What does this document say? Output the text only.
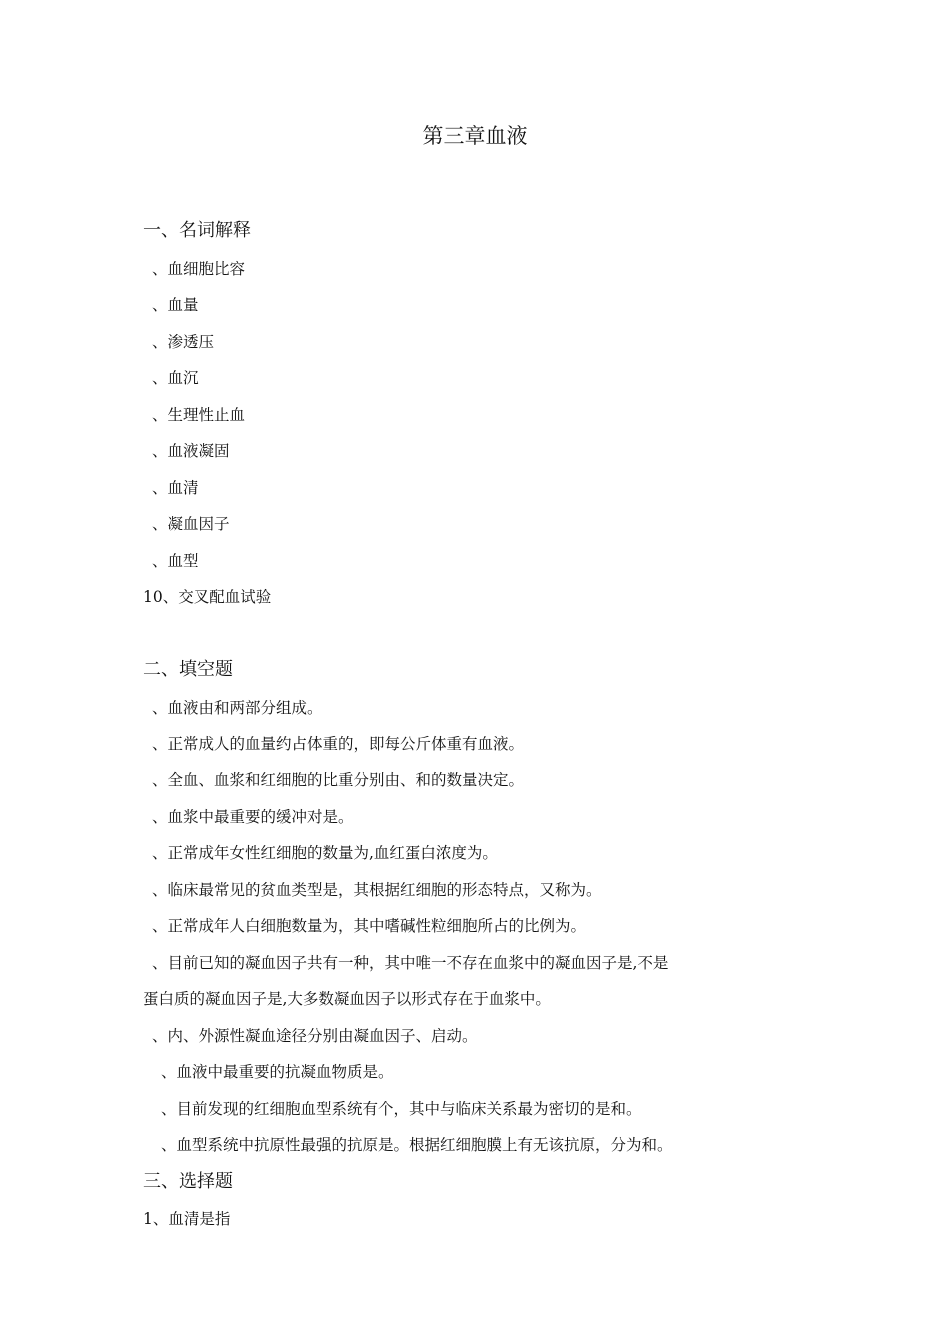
第三章血液
一、名词解释
、血细胞比容
、血量
、渗透压
、血沉
、生理性止血
、血液凝固
、血清
、凝血因子
、血型
10、交叉配血试验
二、填空题
、血液由和两部分组成。
、正常成人的血量约占体重的，即每公斤体重有血液。
、全血、血浆和红细胞的比重分别由、和的数量决定。
、血浆中最重要的缓冲对是。
、正常成年女性红细胞的数量为,血红蛋白浓度为。
、临床最常见的贫血类型是，其根据红细胞的形态特点，又称为。
、正常成年人白细胞数量为，其中嗜碱性粒细胞所占的比例为。
、目前已知的凝血因子共有一种，其中唯一不存在血浆中的凝血因子是,不是
蛋白质的凝血因子是,大多数凝血因子以形式存在于血浆中。
、内、外源性凝血途径分别由凝血因子、启动。
、血液中最重要的抗凝血物质是。
、目前发现的红细胞血型系统有个，其中与临床关系最为密切的是和。
、血型系统中抗原性最强的抗原是。根据红细胞膜上有无该抗原，分为和。
三、选择题
1、血清是指
